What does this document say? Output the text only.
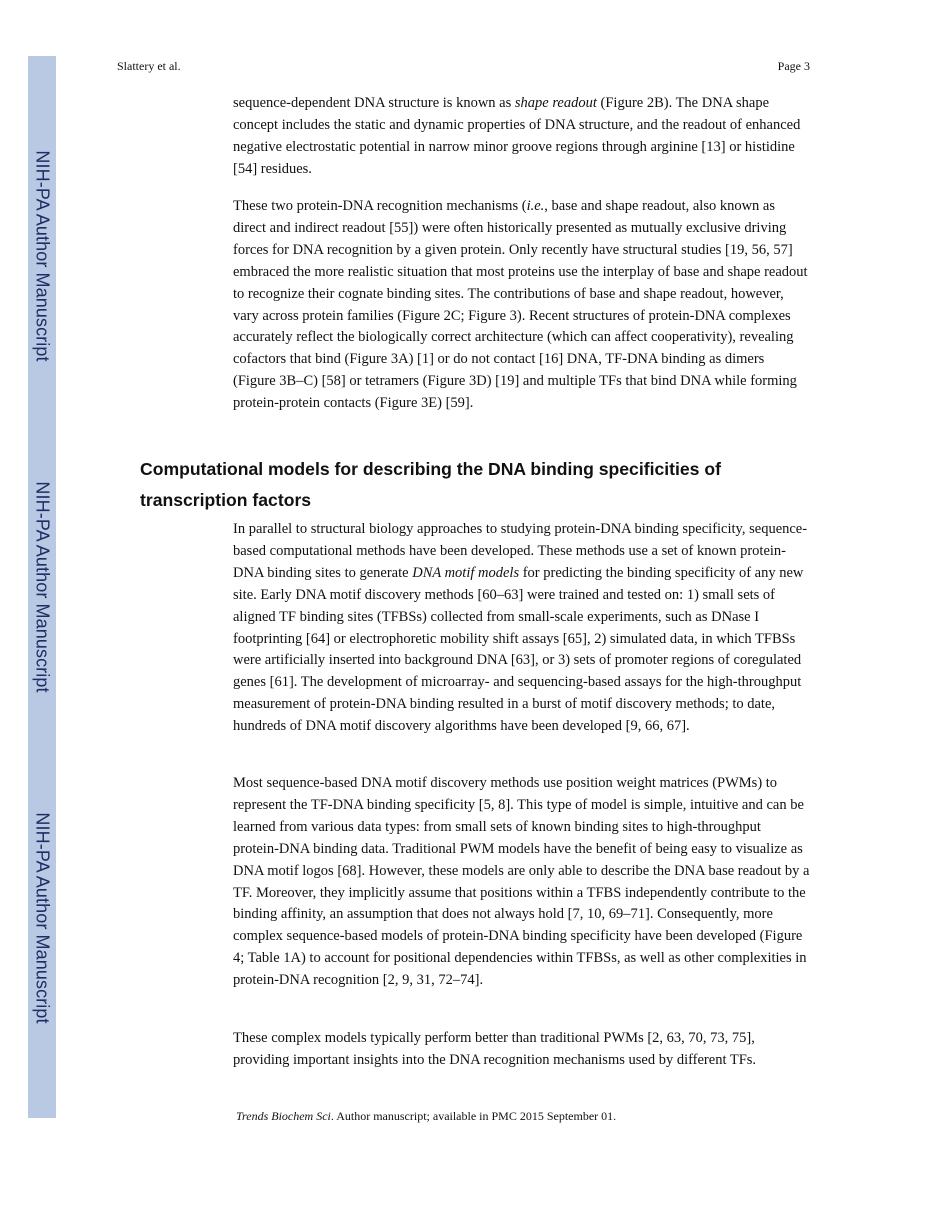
NIH-PA Author Manuscript
NIH-PA Author Manuscript
NIH-PA Author Manuscript
Slattery et al.	Page 3

sequence-dependent DNA structure is known as shape readout (Figure 2B). The DNA shape concept includes the static and dynamic properties of DNA structure, and the readout of enhanced negative electrostatic potential in narrow minor groove regions through arginine [13] or histidine [54] residues.

These two protein-DNA recognition mechanisms (i.e., base and shape readout, also known as direct and indirect readout [55]) were often historically presented as mutually exclusive driving forces for DNA recognition by a given protein. Only recently have structural studies [19, 56, 57] embraced the more realistic situation that most proteins use the interplay of base and shape readout to recognize their cognate binding sites. The contributions of base and shape readout, however, vary across protein families (Figure 2C; Figure 3). Recent structures of protein-DNA complexes accurately reflect the biologically correct architecture (which can affect cooperativity), revealing cofactors that bind (Figure 3A) [1] or do not contact [16] DNA, TF-DNA binding as dimers (Figure 3B–C) [58] or tetramers (Figure 3D) [19] and multiple TFs that bind DNA while forming protein-protein contacts (Figure 3E) [59].

Computational models for describing the DNA binding specificities of transcription factors

In parallel to structural biology approaches to studying protein-DNA binding specificity, sequence-based computational methods have been developed. These methods use a set of known protein-DNA binding sites to generate DNA motif models for predicting the binding specificity of any new site. Early DNA motif discovery methods [60–63] were trained and tested on: 1) small sets of aligned TF binding sites (TFBSs) collected from small-scale experiments, such as DNase I footprinting [64] or electrophoretic mobility shift assays [65], 2) simulated data, in which TFBSs were artificially inserted into background DNA [63], or 3) sets of promoter regions of coregulated genes [61]. The development of microarray- and sequencing-based assays for the high-throughput measurement of protein-DNA binding resulted in a burst of motif discovery methods; to date, hundreds of DNA motif discovery algorithms have been developed [9, 66, 67].

Most sequence-based DNA motif discovery methods use position weight matrices (PWMs) to represent the TF-DNA binding specificity [5, 8]. This type of model is simple, intuitive and can be learned from various data types: from small sets of known binding sites to high-throughput protein-DNA binding data. Traditional PWM models have the benefit of being easy to visualize as DNA motif logos [68]. However, these models are only able to describe the DNA base readout by a TF. Moreover, they implicitly assume that positions within a TFBS independently contribute to the binding affinity, an assumption that does not always hold [7, 10, 69–71]. Consequently, more complex sequence-based models of protein-DNA binding specificity have been developed (Figure 4; Table 1A) to account for positional dependencies within TFBSs, as well as other complexities in protein-DNA recognition [2, 9, 31, 72–74].

These complex models typically perform better than traditional PWMs [2, 63, 70, 73, 75], providing important insights into the DNA recognition mechanisms used by different TFs.

Trends Biochem Sci. Author manuscript; available in PMC 2015 September 01.
